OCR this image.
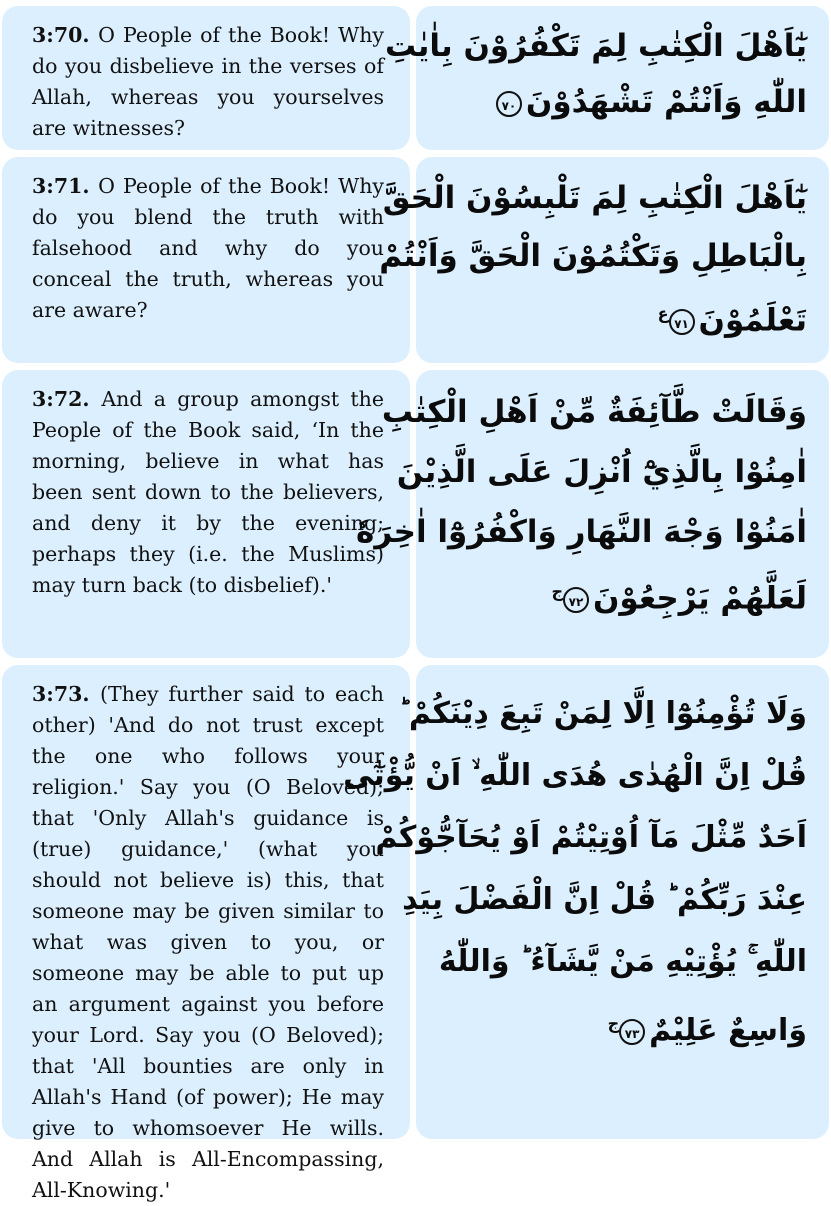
3:70. O People of the Book! Why do you disbelieve in the verses of Allah, whereas you yourselves are witnesses?
يٰٓاَهْلَ الْكِتٰبِ لِمَ تَكْفُرُوْنَ بِاٰيٰتِ
اللّٰهِ وَاَنْتُمْ تَشْهَدُوْنَ٧٠
3:71. O People of the Book! Why do you blend the truth with falsehood and why do you conceal the truth, whereas you are aware?
يٰٓاَهْلَ الْكِتٰبِ لِمَ تَلْبِسُوْنَ الْحَقَّ
بِالْبَاطِلِ وَتَكْتُمُوْنَ الْحَقَّ وَاَنْتُمْ
$تَعْلَمُوْنَ٧١^ع$
3:72. And a group amongst the People of the Book said, ‘In the morning, believe in what has been sent down to the believers, and deny it by the evening; perhaps they (i.e. the Muslims) may turn back (to disbelief).'
وَقَالَتْ طَّآئِفَةٌ مِّنْ اَهْلِ الْكِتٰبِ
اٰمِنُوْا بِالَّذِيْٓ اُنْزِلَ عَلَى الَّذِيْنَ
اٰمَنُوْا وَجْهَ النَّهَارِ وَاكْفُرُوْٓا اٰخِرَهٗ
لَعَلَّهُمْ $يَرْجِعُوْنَ٧٢^ج$
3:73. (They further said to each other) 'And do not trust except the one who follows your religion.' Say you (O Beloved); that 'Only Allah's guidance is (true) guidance,' (what you should not believe is) this, that someone may be given similar to what was given to you, or someone may be able to put up an argument against you before your Lord. Say you (O Beloved); that 'All bounties are only in Allah's Hand (of power); He may give to whomsoever He wills. And Allah is All-Encompassing, All-Knowing.'
وَلَا تُؤْمِنُوْٓا اِلَّا لِمَنْ تَبِعَ دِيْنَكُمْ ؕ
قُلْ اِنَّ الْهُدٰى هُدَى اللّٰهِ ۙ اَنْ يُّؤْتٰٓى
اَحَدٌ مِّثْلَ مَآ اُوْتِيْتُمْ اَوْ يُحَآجُّوْكُمْ
عِنْدَ رَبِّكُمْ ؕ قُلْ اِنَّ الْفَضْلَ بِيَدِ
اللّٰهِ ۚ يُؤْتِيْهِ مَنْ يَّشَآءُ ؕ وَاللّٰهُ
وَاسِعٌ $عَلِيْمٌ٧٣^ج$
